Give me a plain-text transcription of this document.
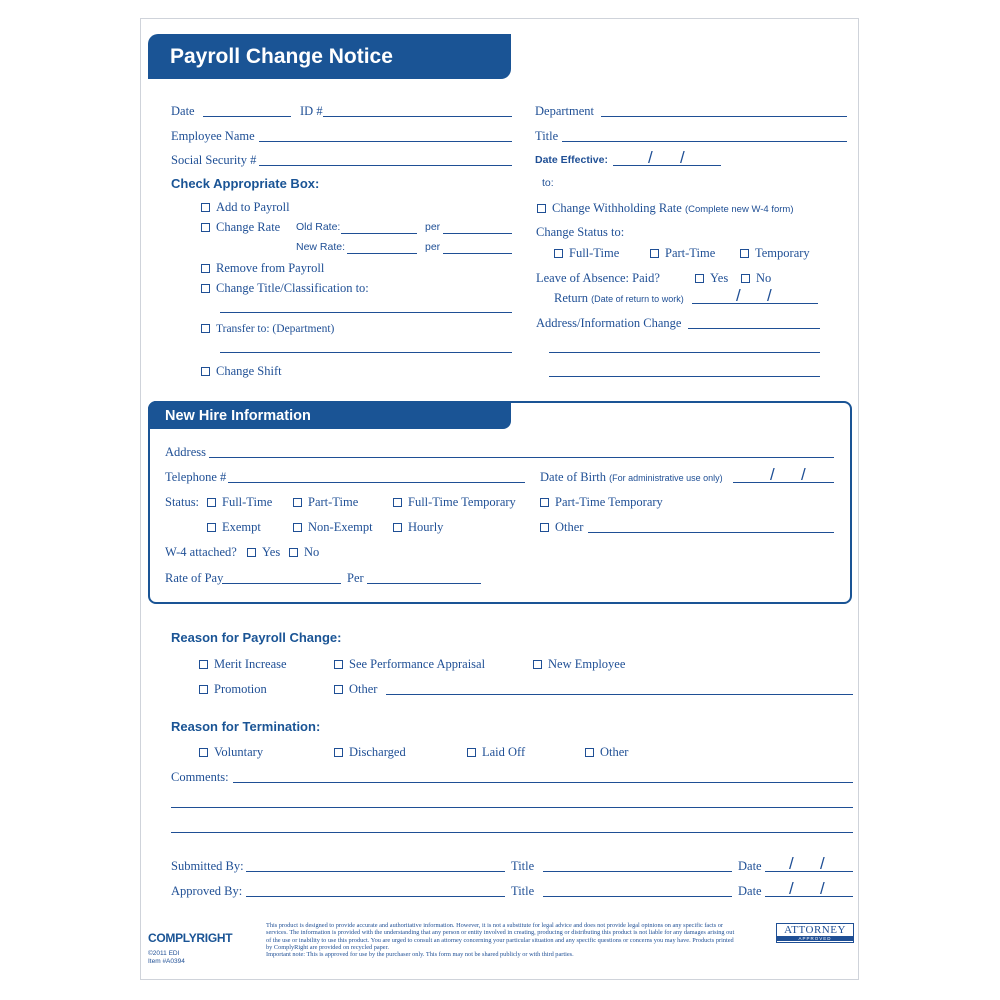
Payroll Change Notice
Date	ID #
Employee Name
Social Security #
Check Appropriate Box:
Add to Payroll
Change Rate Old Rate:	per
New Rate:	per
Remove from Payroll
Change Title/Classification to:
Transfer to: (Department)
Change Shift
Department
Title
Date Effective: / /
to:
Change Withholding Rate (Complete new W-4 form)
Change Status to:
Full-Time	Part-Time	Temporary
Leave of Absence: Paid?	Yes	No
Return (Date of return to work)	/ /
Address/Information Change
New Hire Information
Address
Telephone #	Date of Birth (For administrative use only)	/ /
Status:	Full-Time	Part-Time	Full-Time Temporary	Part-Time Temporary
Exempt	Non-Exempt	Hourly	Other
W-4 attached?	Yes	No
Rate of Pay	Per
Reason for Payroll Change:
Merit Increase	See Performance Appraisal	New Employee
Promotion	Other
Reason for Termination:
Voluntary	Discharged	Laid Off	Other
Comments:
Submitted By:	Title	Date / /
Approved By:	Title	Date / /
COMPLYRIGHT
©2011 EDI
Item #A0394
This product is designed to provide accurate and authoritative information. However, it is not a substitute for legal advice and does not provide legal opinions on any specific facts or services. The information is provided with the understanding that any person or entity involved in creating, producing or distributing this product is not liable for any damages arising out of the use or inability to use this product. You are urged to consult an attorney concerning your particular situation and any specific questions or concerns you may have. Products printed by ComplyRight are provided on recycled paper.
Important note: This is approved for use by the purchaser only. This form may not be shared publicly or with third parties.
ATTORNEY
APPROVED
